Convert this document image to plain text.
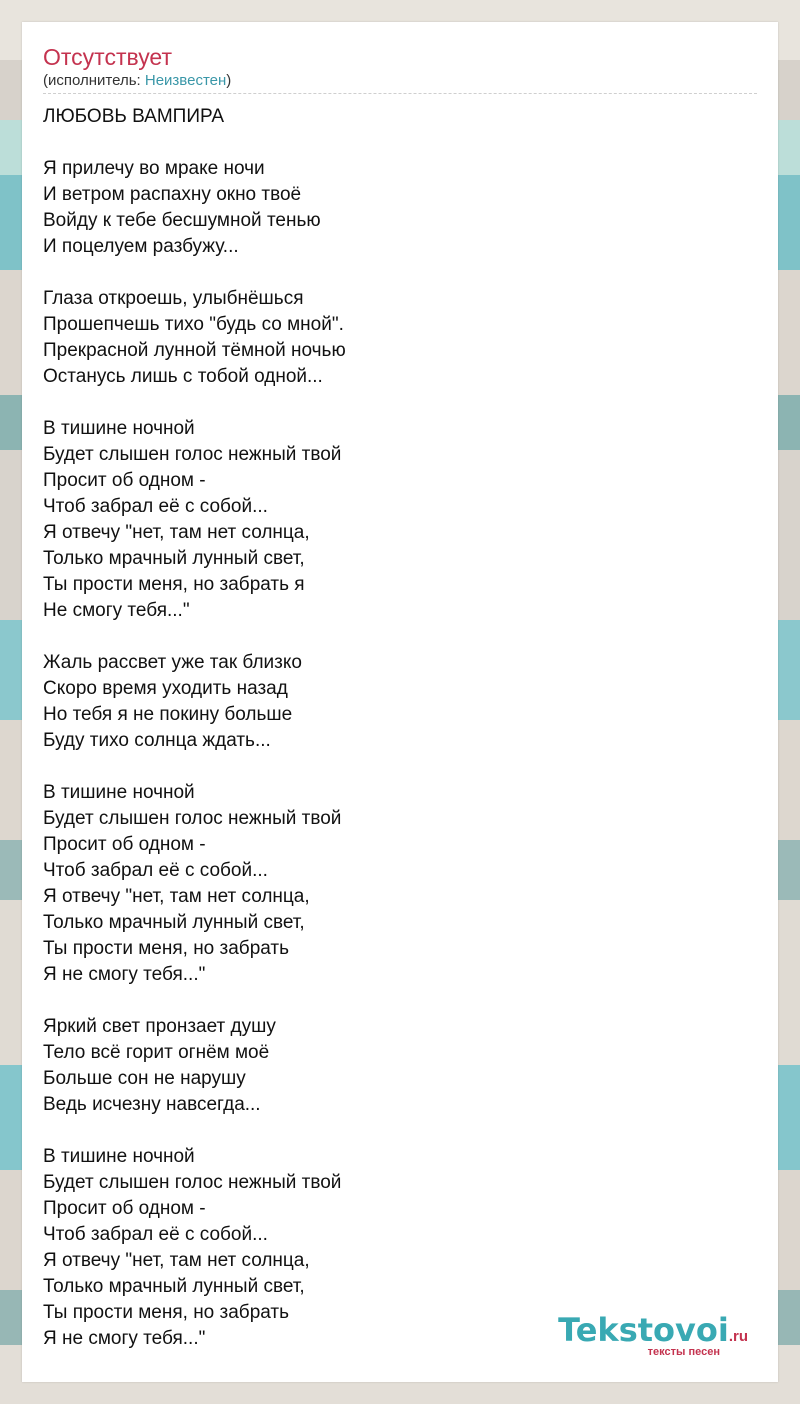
Отсутствует
(исполнитель: Неизвестен)
ЛЮБОВЬ ВАМПИРА
Я прилечу во мраке ночи
И ветром распахну окно твоё
Войду к тебе бесшумной тенью
И поцелуем разбужу...
Глаза откроешь, улыбнёшься
Прошепчешь тихо "будь со мной".
Прекрасной лунной тёмной ночью
Останусь лишь с тобой одной...
В тишине ночной
Будет слышен голос нежный твой
Просит об одном -
Чтоб забрал её с собой...
Я отвечу "нет, там нет солнца,
Только мрачный лунный свет,
Ты прости меня, но забрать я
Не смогу тебя..."
Жаль рассвет уже так близко
Скоро время уходить назад
Но тебя я не покину больше
Буду тихо солнца ждать...
В тишине ночной
Будет слышен голос нежный твой
Просит об одном -
Чтоб забрал её с собой...
Я отвечу "нет, там нет солнца,
Только мрачный лунный свет,
Ты прости меня, но забрать
Я не смогу тебя..."
Яркий свет пронзает душу
Тело всё горит огнём моё
Больше сон не нарушу
Ведь исчезну навсегда...
В тишине ночной
Будет слышен голос нежный твой
Просит об одном -
Чтоб забрал её с собой...
Я отвечу "нет, там нет солнца,
Только мрачный лунный свет,
Ты прости меня, но забрать
Я не смогу тебя..."	Tekstovoi.ru
тексты песен
